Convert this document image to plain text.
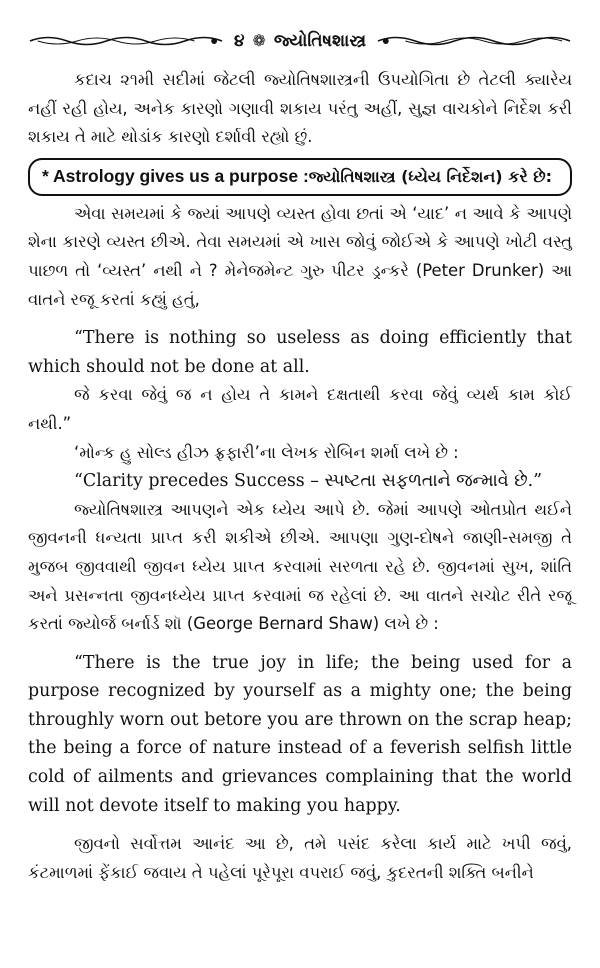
૪ ❁ જ્યોતિષશાસ્ત્ર

કદાચ ૨૧મી સદીમાં જેટલી જ્યોતિષશાસ્ત્રની ઉપયોગિતા છે તેટલી ક્યારેય નહીં રહી હોય, અનેક કારણો ગણાવી શકાય પરંતુ અહીં, સુજ્ઞ વાચકોને નિર્દેશ કરી શકાય તે માટે થોડાંક કારણો દર્શાવી રહ્યો છું.

* Astrology gives us a purpose : જ્યોતિષશાસ્ત્ર (ધ્યેય નિર્દેશન) કરે છે:

એવા સમયમાં કે જ્યાં આપણે વ્યસ્ત હોવા છતાં એ ‘યાદ’ ન આવે કે આપણે શેના કારણે વ્યસ્ત છીએ. તેવા સમયમાં એ ખાસ જોવું જોઈએ કે આપણે ખોટી વસ્તુ પાછળ તો ‘વ્યસ્ત’ નથી ને ? મેનેજમેન્ટ ગુરુ પીટર ડ્રન્કરે (Peter Drunker) આ વાતને રજૂ કરતાં કહ્યું હતું,

“There is nothing so useless as doing efficiently that which should not be done at all.

જે કરવા જેવું જ ન હોય તે કામને દક્ષતાથી કરવા જેવું વ્યર્થ કામ કોઈ નથી.”

‘મોન્ક હુ સોલ્ડ હીઝ ફ્રફારી’ના લેખક રોબિન શર્મા લખે છે :

“Clarity precedes Success – સ્પષ્ટતા સફળતાને જન્માવે છે.”

જ્યોતિષશાસ્ત્ર આપણને એક ધ્યેય આપે છે. જેમાં આપણે ઓતપ્રોત થઈને જીવનની ધન્યતા પ્રાપ્ત કરી શકીએ છીએ. આપણા ગુણ-દોષને જાણી-સમજી તે મુજબ જીવવાથી જીવન ધ્યેય પ્રાપ્ત કરવામાં સરળતા રહે છે. જીવનમાં સુખ, શાંતિ અને પ્રસન્નતા જીવનધ્યેય પ્રાપ્ત કરવામાં જ રહેલાં છે. આ વાતને સચોટ રીતે રજૂ કરતાં જ્યોર્જ બર્નાર્ડ શૉ (George Bernard Shaw) લખે છે :

“There is the true joy in life; the being used for a purpose recognized by yourself as a mighty one; the being throughly worn out betore you are thrown on the scrap heap; the being a force of nature instead of a feverish selfish little cold of ailments and grievances complaining that the world will not devote itself to making you happy.

જીવનો સર્વોત્તમ આનંદ આ છે, તમે પસંદ કરેલા કાર્ય માટે ખપી જવું, કંટમાળમાં ફેંકાઈ જવાય તે પહેલાં પૂરેપૂરા વપરાઈ જવું, કુદરતની શક્તિ બનીને
